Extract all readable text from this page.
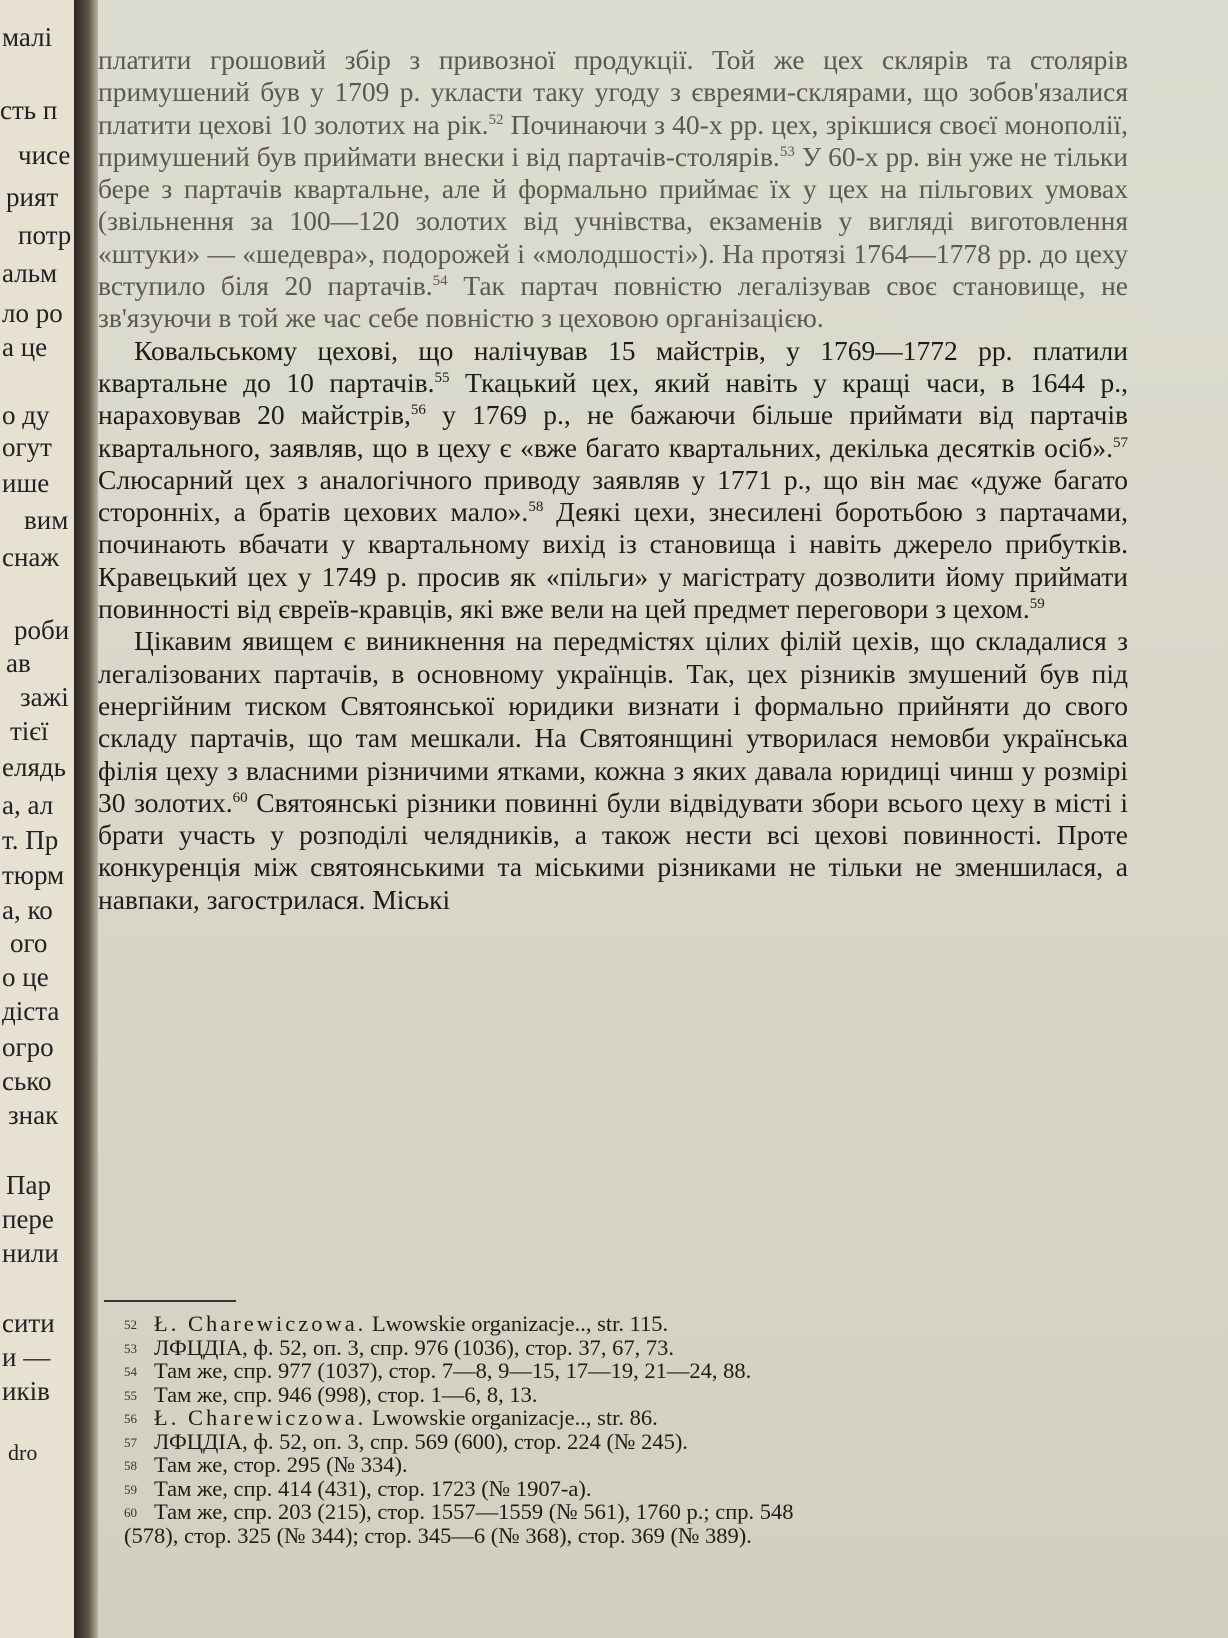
малі
сть п
чисе
рият
потр
альм
ло ро
а це
о ду
огут
ише
вим
снаж
роби
ав
зажі
тієї
елядь
а, ал
т. Пр
тюрм
а, ко
ого
о це
діста
огро
сько
знак
Пар
пере
нили
сити
и —
иків
dro

платити грошовий збір з привозної продукції. Той же цех склярів та столярів примушений був у 1709 р. укласти таку угоду з євреями-склярами, що зобов'язалися платити цехові 10 золотих на рік.$^{52}$ Починаючи з 40-х рр. цех, зрікшися своєї монополії, примушений був приймати внески і від партачів-столярів.$^{53}$ У 60-х рр. він уже не тільки бере з партачів квартальне, але й формально приймає їх у цех на пільгових умовах (звільнення за 100—120 золотих від учнівства, екзаменів у вигляді виготовлення «штуки» — «шедевра», подорожей і «молодшості»). На протязі 1764—1778 рр. до цеху вступило біля 20 партачів.$^{54}$ Так партач повністю легалізував своє становище, не зв'язуючи в той же час себе повністю з цеховою організацією.

Ковальському цехові, що налічував 15 майстрів, у 1769—1772 рр. платили квартальне до 10 партачів.$^{55}$ Ткацький цех, який навіть у кращі часи, в 1644 р., нараховував 20 майстрів,$^{56}$ у 1769 р., не бажаючи більше приймати від партачів квартального, заявляв, що в цеху є «вже багато квартальних, декілька десятків осіб».$^{57}$ Слюсарний цех з аналогічного приводу заявляв у 1771 р., що він має «дуже багато сторонніх, а братів цехових мало».$^{58}$ Деякі цехи, знесилені боротьбою з партачами, починають вбачати у квартальному вихід із становища і навіть джерело прибутків. Кравецький цех у 1749 р. просив як «пільги» у магістрату дозволити йому приймати повинності від євреїв-кравців, які вже вели на цей предмет переговори з цехом.$^{59}$

Цікавим явищем є виникнення на передмістях цілих філій цехів, що складалися з легалізованих партачів, в основному українців. Так, цех різників змушений був під енергійним тиском Святоянської юридики визнати і формально прийняти до свого складу партачів, що там мешкали. На Святоянщині утворилася немовби українська філія цеху з власними різничими ятками, кожна з яких давала юридиці чинш у розмірі 30 золотих.$^{60}$ Святоянські різники повинні були відвідувати збори всього цеху в місті і брати участь у розподілі челядників, а також нести всі цехові повинності. Проте конкуренція між святоянськими та міськими різниками не тільки не зменшилася, а навпаки, загострилася. Міські

52 Ł. Charewiczowa. Lwowskie organizacje.., str. 115.
53 ЛФЦДІА, ф. 52, оп. 3, спр. 976 (1036), стор. 37, 67, 73.
54 Там же, спр. 977 (1037), стор. 7—8, 9—15, 17—19, 21—24, 88.
55 Там же, спр. 946 (998), стор. 1—6, 8, 13.
56 Ł. Charewiczowa. Lwowskie organizacje.., str. 86.
57 ЛФЦДІА, ф. 52, оп. 3, спр. 569 (600), стор. 224 (№ 245).
58 Там же, стор. 295 (№ 334).
59 Там же, спр. 414 (431), стор. 1723 (№ 1907-а).
60 Там же, спр. 203 (215), стор. 1557—1559 (№ 561), 1760 р.; спр. 548
(578), стор. 325 (№ 344); стор. 345—6 (№ 368), стор. 369 (№ 389).
